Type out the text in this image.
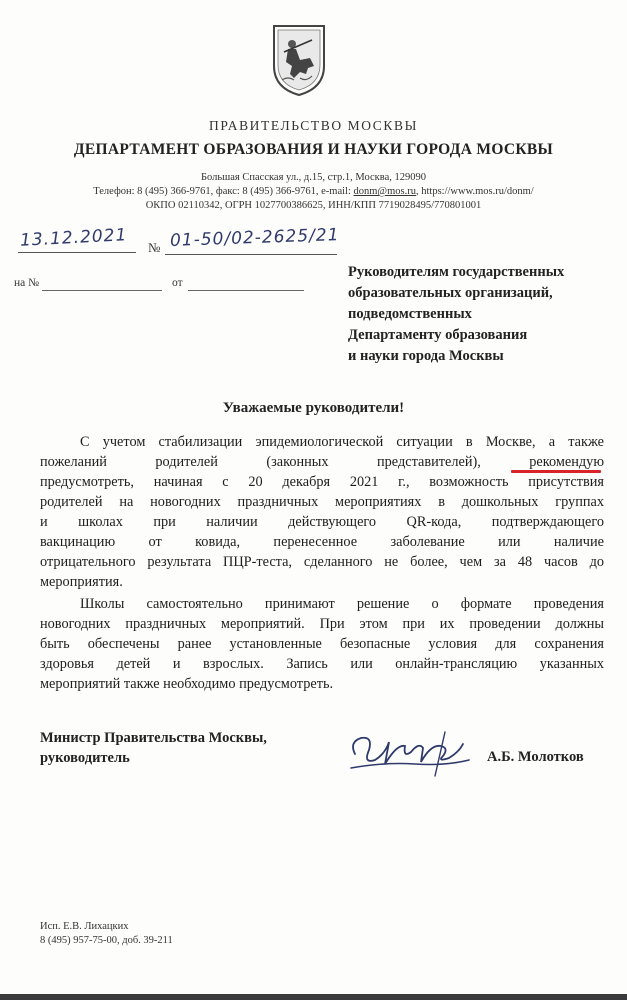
ПРАВИТЕЛЬСТВО МОСКВЫ
ДЕПАРТАМЕНТ ОБРАЗОВАНИЯ И НАУКИ ГОРОДА МОСКВЫ
Большая Спасская ул., д.15, стр.1, Москва, 129090
Телефон: 8 (495) 366-9761, факс: 8 (495) 366-9761, e-mail: donm@mos.ru, https://www.mos.ru/donm/
ОКПО 02110342, ОГРН 1027700386625, ИНН/КПП 7719028495/770801001
13.12.2021 № 01-50/02-2625/21
на №	от
Руководителям государственных
образовательных организаций,
подведомственных
Департаменту образования
и науки города Москвы
Уважаемые руководители!
С учетом стабилизации эпидемиологической ситуации в Москве, а также
пожеланий родителей (законных представителей), рекомендую
предусмотреть, начиная с 20 декабря 2021 г., возможность присутствия
родителей на новогодних праздничных мероприятиях в дошкольных группах
и школах при наличии действующего QR-кода, подтверждающего
вакцинацию от ковида, перенесенное заболевание или наличие
отрицательного результата ПЦР-теста, сделанного не более, чем за 48 часов до
мероприятия.
Школы самостоятельно принимают решение о формате проведения
новогодних праздничных мероприятий. При этом при их проведении должны
быть обеспечены ранее установленные безопасные условия для сохранения
здоровья детей и взрослых. Запись или онлайн-трансляцию указанных
мероприятий также необходимо предусмотреть.
Министр Правительства Москвы,
руководитель	А.Б. Молотков
Исп. Е.В. Лихацких
8 (495) 957-75-00, доб. 39-211
